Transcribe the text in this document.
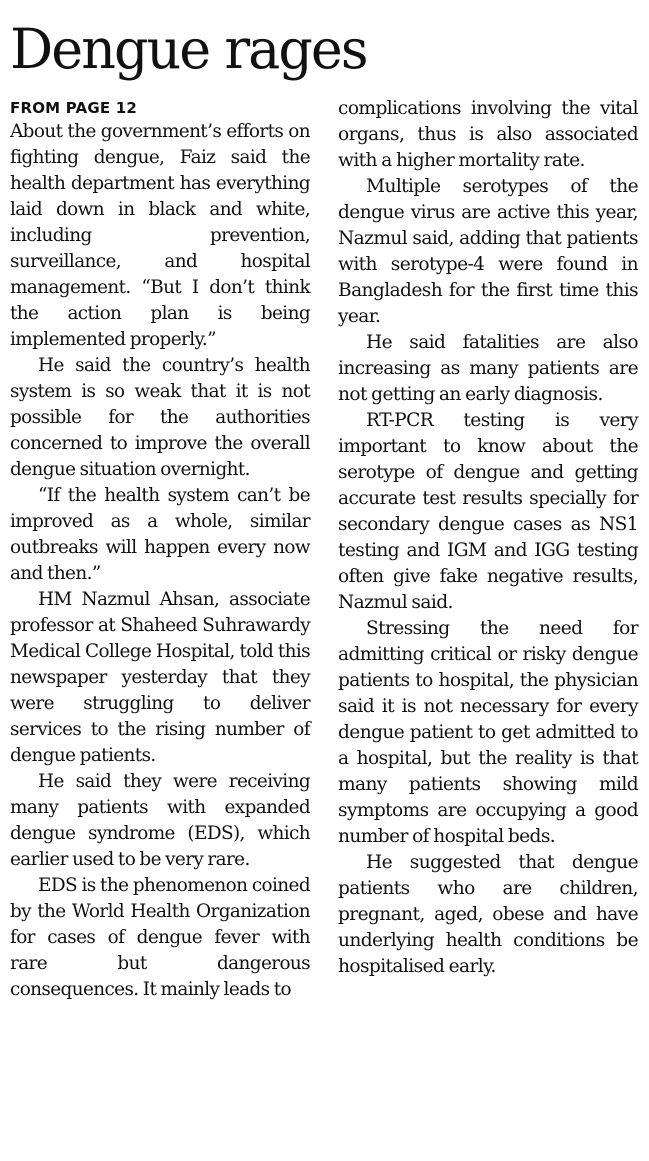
Dengue rages
FROM PAGE 12

About the government’s efforts on fighting dengue, Faiz said the health department has everything laid down in black and white, including prevention, surveillance, and hospital management. “But I don’t think the action plan is being implemented properly.”

He said the country’s health system is so weak that it is not possible for the authorities concerned to improve the overall dengue situation overnight.

“If the health system can’t be improved as a whole, similar outbreaks will happen every now and then.”

HM Nazmul Ahsan, associate professor at Shaheed Suhrawardy Medical College Hospital, told this newspaper yesterday that they were struggling to deliver services to the rising number of dengue patients.

He said they were receiving many patients with expanded dengue syndrome (EDS), which earlier used to be very rare.

EDS is the phenomenon coined by the World Health Organization for cases of dengue fever with rare but dangerous consequences. It mainly leads to

complications involving the vital organs, thus is also associated with a higher mortality rate.

Multiple serotypes of the dengue virus are active this year, Nazmul said, adding that patients with serotype-4 were found in Bangladesh for the first time this year.

He said fatalities are also increasing as many patients are not getting an early diagnosis.

RT-PCR testing is very important to know about the serotype of dengue and getting accurate test results specially for secondary dengue cases as NS1 testing and IGM and IGG testing often give fake negative results, Nazmul said.

Stressing the need for admitting critical or risky dengue patients to hospital, the physician said it is not necessary for every dengue patient to get admitted to a hospital, but the reality is that many patients showing mild symptoms are occupying a good number of hospital beds.

He suggested that dengue patients who are children, pregnant, aged, obese and have underlying health conditions be hospitalised early.
